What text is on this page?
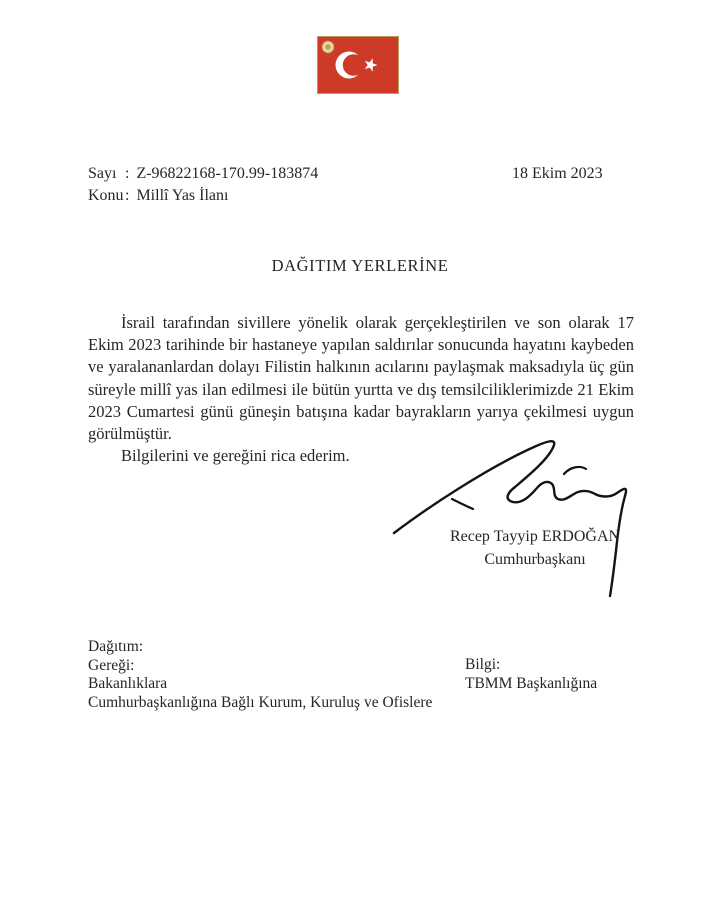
Sayı : Z-96822168-170.99-183874
Konu: Millî Yas İlanı
18 Ekim 2023
DAĞITIM YERLERİNE

İsrail tarafından sivillere yönelik olarak gerçekleştirilen ve son olarak 17 Ekim 2023 tarihinde bir hastaneye yapılan saldırılar sonucunda hayatını kaybeden ve yaralananlardan dolayı Filistin halkının acılarını paylaşmak maksadıyla üç gün süreyle millî yas ilan edilmesi ile bütün yurtta ve dış temsilciliklerimizde 21 Ekim 2023 Cumartesi günü güneşin batışına kadar bayrakların yarıya çekilmesi uygun görülmüştür.

Bilgilerini ve gereğini rica ederim.

Recep Tayyip ERDOĞAN
Cumhurbaşkanı
Dağıtım:
Gereği:
Bakanlıklara
Cumhurbaşkanlığına Bağlı Kurum, Kuruluş ve Ofislere
Bilgi:
TBMM Başkanlığına
